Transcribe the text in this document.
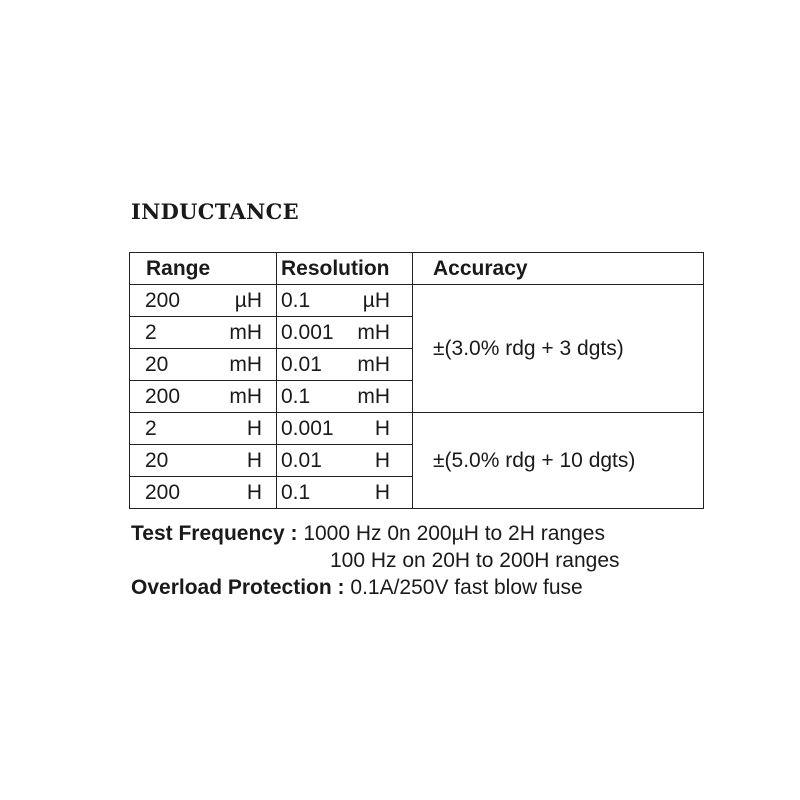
INDUCTANCE
Range	Resolution	Accuracy

200 µH	0.1 µH	±(3.0% rdg + 3 dgts)

2 mH	0.001 mH	

20 mH	0.01 mH	

200 mH	0.1 mH	

2 H	0.001 H	±(5.0% rdg + 10 dgts)

20 H	0.01 H	

200 H	0.1 H	
Test Frequency : 1000 Hz 0n 200µH to 2H ranges
100 Hz on 20H to 200H ranges
Overload Protection : 0.1A/250V fast blow fuse
